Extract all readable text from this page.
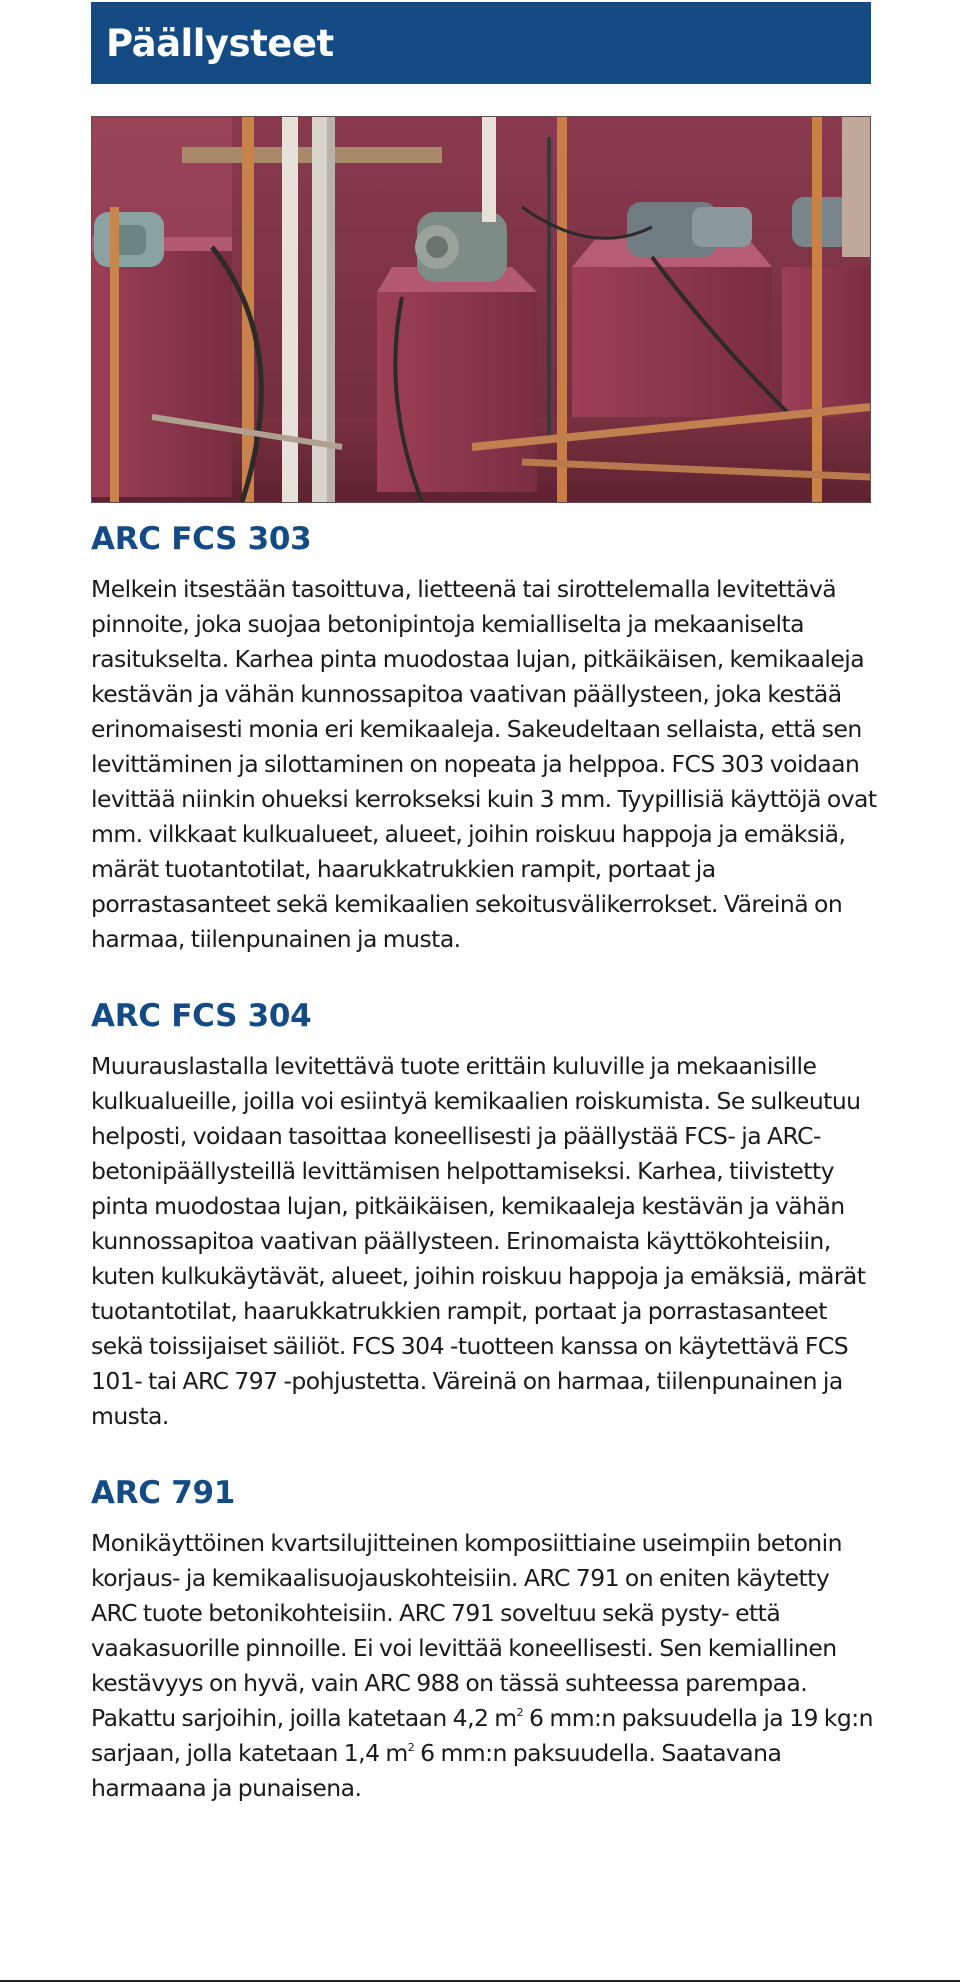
Päällysteet
ARC FCS 303

Melkein itsestään tasoittuva, lietteenä tai sirottelemalla levitettävä pinnoite, joka suojaa betonipintoja kemialliselta ja mekaaniselta rasitukselta. Karhea pinta muodostaa lujan, pitkäikäisen, kemikaaleja kestävän ja vähän kunnossapitoa vaativan päällysteen, joka kestää erinomaisesti monia eri kemikaaleja. Sakeudeltaan sellaista, että sen levittäminen ja silottaminen on nopeata ja helppoa. FCS 303 voidaan levittää niinkin ohueksi kerrokseksi kuin 3 mm. Tyypillisiä käyttöjä ovat mm. vilkkaat kulkualueet, alueet, joihin roiskuu happoja ja emäksiä, märät tuotantotilat, haarukkatrukkien rampit, portaat ja porrastasanteet sekä kemikaalien sekoitusvälikerrokset. Väreinä on harmaa, tiilenpunainen ja musta.

ARC FCS 304

Muurauslastalla levitettävä tuote erittäin kuluville ja mekaanisille kulkualueille, joilla voi esiintyä kemikaalien roiskumista. Se sulkeutuu helposti, voidaan tasoittaa koneellisesti ja päällystää FCS- ja ARC-betonipäällysteillä levittämisen helpottamiseksi. Karhea, tiivistetty pinta muodostaa lujan, pitkäikäisen, kemikaaleja kestävän ja vähän kunnossapitoa vaativan päällysteen. Erinomaista käyttökohteisiin, kuten kulkukäytävät, alueet, joihin roiskuu happoja ja emäksiä, märät tuotantotilat, haarukkatrukkien rampit, portaat ja porrastasanteet sekä toissijaiset säiliöt. FCS 304 -tuotteen kanssa on käytettävä FCS 101- tai ARC 797 -pohjustetta. Väreinä on harmaa, tiilenpunainen ja musta.

ARC 791

Monikäyttöinen kvartsilujitteinen komposiittiaine useimpiin betonin korjaus- ja kemikaalisuojauskohteisiin. ARC 791 on eniten käytetty ARC tuote betonikohteisiin. ARC 791 soveltuu sekä pysty- että vaakasuorille pinnoille. Ei voi levittää koneellisesti. Sen kemiallinen kestävyys on hyvä, vain ARC 988 on tässä suhteessa parempaa. Pakattu sarjoihin, joilla katetaan 4,2 $m^2$ 6 mm:n paksuudella ja 19 kg:n sarjaan, jolla katetaan 1,4 $m^2$ 6 mm:n paksuudella. Saatavana harmaana ja punaisena.
